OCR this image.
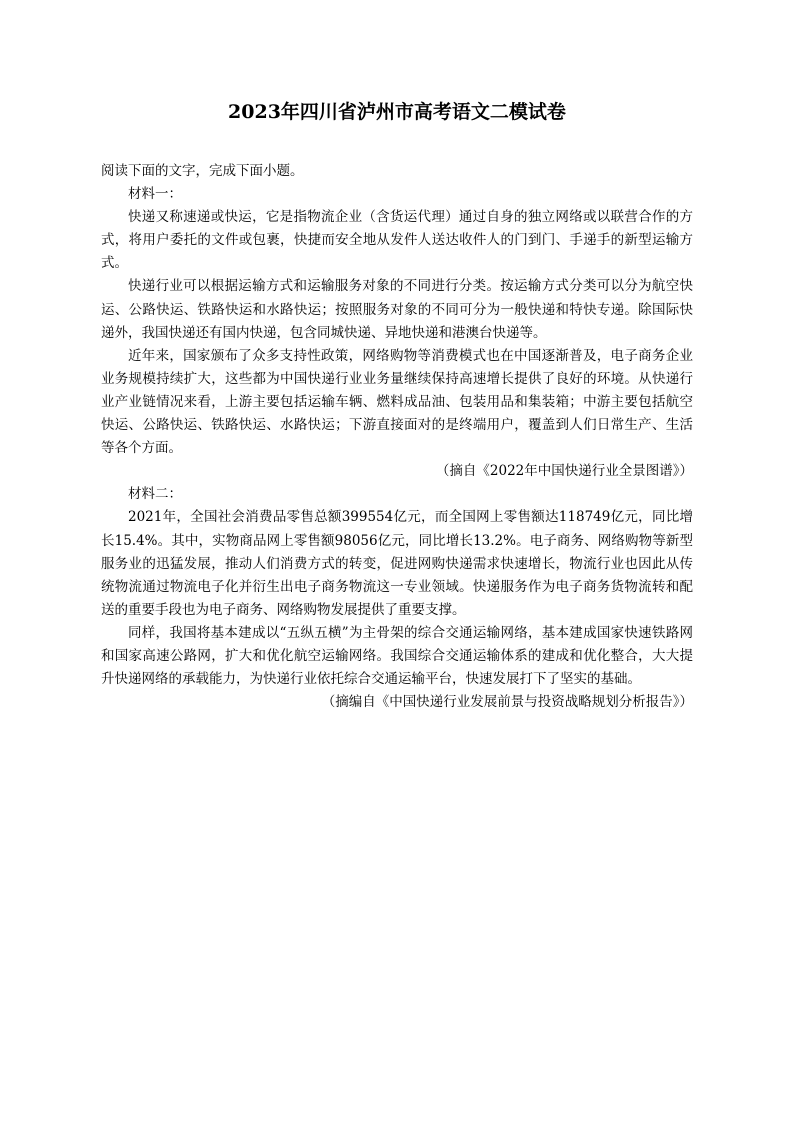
2023年四川省泸州市高考语文二模试卷

阅读下面的文字，完成下面小题。

材料一：

快递又称速递或快运，它是指物流企业（含货运代理）通过自身的独立网络或以联营合作的方式，将用户委托的文件或包裹，快捷而安全地从发件人送达收件人的门到门、手递手的新型运输方式。

快递行业可以根据运输方式和运输服务对象的不同进行分类。按运输方式分类可以分为航空快运、公路快运、铁路快运和水路快运；按照服务对象的不同可分为一般快递和特快专递。除国际快递外，我国快递还有国内快递，包含同城快递、异地快递和港澳台快递等。

近年来，国家颁布了众多支持性政策，网络购物等消费模式也在中国逐渐普及，电子商务企业业务规模持续扩大，这些都为中国快递行业业务量继续保持高速增长提供了良好的环境。从快递行业产业链情况来看，上游主要包括运输车辆、燃料成品油、包装用品和集装箱；中游主要包括航空快运、公路快运、铁路快运、水路快运；下游直接面对的是终端用户，覆盖到人们日常生产、生活等各个方面。

（摘自《2022年中国快递行业全景图谱》）

材料二：

2021年，全国社会消费品零售总额399554亿元，而全国网上零售额达118749亿元，同比增长15.4%。其中，实物商品网上零售额98056亿元，同比增长13.2%。电子商务、网络购物等新型服务业的迅猛发展，推动人们消费方式的转变，促进网购快递需求快速增长，物流行业也因此从传统物流通过物流电子化并衍生出电子商务物流这一专业领域。快递服务作为电子商务货物流转和配送的重要手段也为电子商务、网络购物发展提供了重要支撑。

同样，我国将基本建成以“五纵五横”为主骨架的综合交通运输网络，基本建成国家快速铁路网和国家高速公路网，扩大和优化航空运输网络。我国综合交通运输体系的建成和优化整合，大大提升快递网络的承载能力，为快递行业依托综合交通运输平台，快速发展打下了坚实的基础。

（摘编自《中国快递行业发展前景与投资战略规划分析报告》）
